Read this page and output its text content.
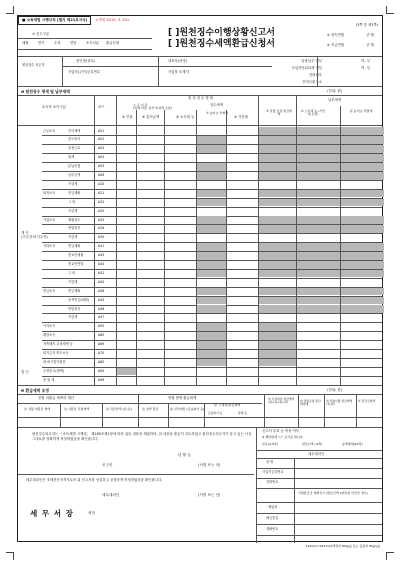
■ 소득세법 시행규칙 [별지 제21호서식]	<개정 2019. 3. 20>
(3쪽 중 제1쪽)
[ ]원천징수이행상황신고서
[ ]원천징수세액환급신청서
① 신고구분
매월	반기	수정	연말	소득처분 환급신청
② 귀속연월	년 월
③ 지급연월	년 월
원천징수 의무자
법인명(상호)	대표자(성명)
사업자(주민)등록번호	사업장 소재지
일괄납부 여부	여, 부
사업자단위과세 여부	여, 부
전화번호
전자우편주소
❶ 원천징수 명세 및 납부세액	(단위: 원)
소득자 소득구분	코드
원 천 징 수 명 세
소 득 지 급
(과세 미달, 일부 비과세 포함)
④ 인원	⑤ 총지급액
징수세액
⑥ 소득세 등
⑦ 농어촌 특별세
⑧ 가산세
⑨ 당월 조정 환급세액
납부세액
⑩ 소득세 등 (가산세 포함)
⑪ 농어촌 특별세
개 인
(거주자·비거주자)
법 인
근로소득	간이세액	A01
중도퇴사	A02
일용근로	A03
합계	A04
분납신청	A05
납부금액	A06
가감계	A10
퇴직소득	연금계좌	A21
그 외	A22
가감계	A20
사업소득	매월징수	A25
연말정산	A26
가감계	A30
기타소득	연금계좌	A41
종교인매월	A43
종교인연말	A44
그 외	A42
가감계	A40
연금소득	연금계좌	A48
공적연금(매월)	A45
연말정산	A46
가감계	A47
이자소득	A50
배당소득	A60
저축해지 추징세액 등	A69
비거주자 양도소득	A70
내·외국법인원천	A80
수정신고(세액)	A90
총 합 계	A99
❷ 환급세액 조정	(단위: 원)
전월 미환급 세액의 계산	당월 발생 환급세액	⑱ 조정대상 환급세액 (⑭+⑮+⑯+⑰)	⑲ 당월조정 환급세액계
⑳ 차월이월 환급세액 (⑱-⑲)
㉑ 환급신청액
⑫ 전월 미환급 세액	⑬ 기환급 신청세액	⑭ 차감잔액 (⑫-⑬)	⑮ 일반 환급	⑯ 신탁재산 (금융회사 등)
⑰ 그 밖의 환급세액
금융회사 등	합병 등
원천징수의무자는 「소득세법 시행령」 제185조제1항에 따라 위의 내용을 제출하며, 위 내용을 충분히 검토하였고 원천징수의무자가 알고 있는 사실 그대로를 정확하게 작성하였음을 확인합니다.
년 월 일
신고인	(서명 또는 인)
세무대리인은 조세전문자격자로서 위 신고서를 성실하고 공정하게 작성하였음을 확인합니다.
세무대리인	(서명 또는 인)
세 무 서 장	귀하
신고서 부표 등 작성 여부
※ 해당란에 "○" 표시를 합니다.
부표(4-5쪽)	환급(7쪽~9쪽)	승계명세(10쪽)
세무대리인
성 명
사업자등록번호
전화번호
국세환급금 계좌신고 (환급금액 2천만원 미만인 경우)
예입처
예금종류
계좌번호
210mm×297mm[백상지 80g/㎡ 또는 중질지 80g/㎡]
